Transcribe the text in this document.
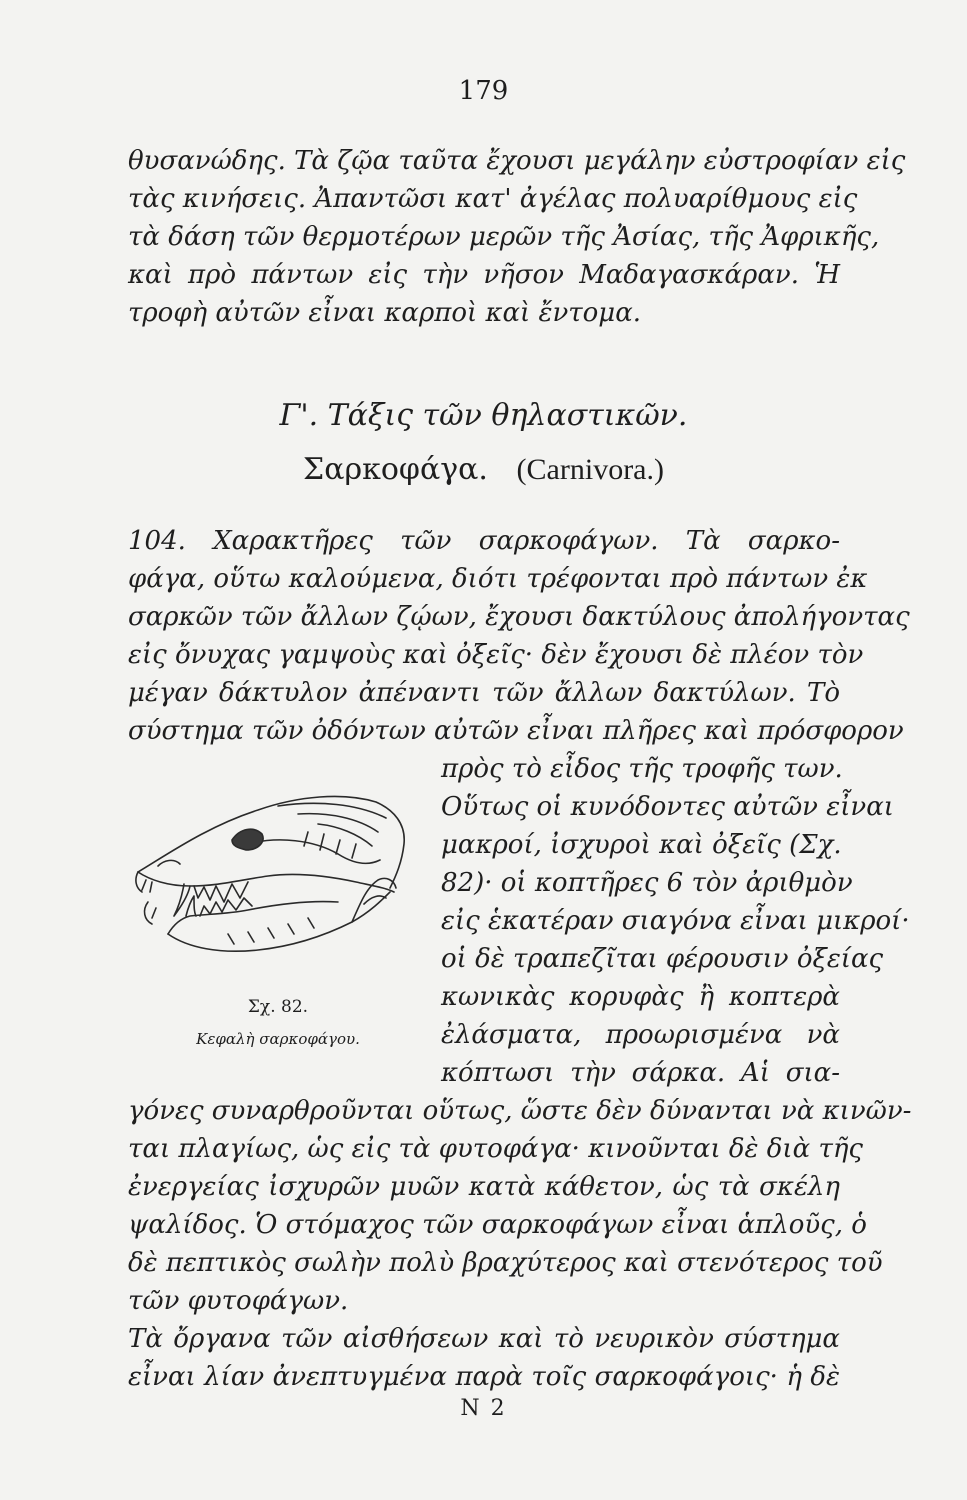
179
θυσανώδης. Τὰ ζῷα ταῦτα ἔχουσι μεγάλην εὐστροφίαν εἰς
τὰς κινήσεις. Ἀπαντῶσι κατ' ἀγέλας πολυαρίθμους εἰς
τὰ δάση τῶν θερμοτέρων μερῶν τῆς Ἀσίας, τῆς Ἀφρικῆς,
καὶ πρὸ πάντων εἰς τὴν νῆσον Μαδαγασκάραν. Ἡ
τροφὴ αὐτῶν εἶναι καρποὶ καὶ ἔντομα.
Γ'. Τάξις τῶν θηλαστικῶν.
Σαρκοφάγα. (Carnivora.)
104. Χαρακτῆρες τῶν σαρκοφάγων. Τὰ σαρκο-
φάγα, οὕτω καλούμενα, διότι τρέφονται πρὸ πάντων ἐκ
σαρκῶν τῶν ἄλλων ζῴων, ἔχουσι δακτύλους ἀπολήγοντας
εἰς ὄνυχας γαμψοὺς καὶ ὀξεῖς· δὲν ἔχουσι δὲ πλέον τὸν
μέγαν δάκτυλον ἀπέναντι τῶν ἄλλων δακτύλων. Τὸ
σύστημα τῶν ὀδόντων αὐτῶν εἶναι πλῆρες καὶ πρόσφορον
πρὸς τὸ εἶδος τῆς τροφῆς των.
Οὕτως οἱ κυνόδοντες αὐτῶν εἶναι
μακροί, ἰσχυροὶ καὶ ὀξεῖς (Σχ.
82)· οἱ κοπτῆρες 6 τὸν ἀριθμὸν
εἰς ἑκατέραν σιαγόνα εἶναι μικροί·
οἱ δὲ τραπεζῖται φέρουσιν ὀξείας
κωνικὰς κορυφὰς ἢ κοπτερὰ
ἐλάσματα, προωρισμένα νὰ
κόπτωσι τὴν σάρκα. Αἱ σια-
Σχ. 82.
Κεφαλὴ σαρκοφάγου.
γόνες συναρθροῦνται οὕτως, ὥστε δὲν δύνανται νὰ κινῶν-
ται πλαγίως, ὡς εἰς τὰ φυτοφάγα· κινοῦνται δὲ διὰ τῆς
ἐνεργείας ἰσχυρῶν μυῶν κατὰ κάθετον, ὡς τὰ σκέλη
ψαλίδος. Ὁ στόμαχος τῶν σαρκοφάγων εἶναι ἁπλοῦς, ὁ
δὲ πεπτικὸς σωλὴν πολὺ βραχύτερος καὶ στενότερος τοῦ
τῶν φυτοφάγων.
Τὰ ὄργανα τῶν αἰσθήσεων καὶ τὸ νευρικὸν σύστημα
εἶναι λίαν ἀνεπτυγμένα παρὰ τοῖς σαρκοφάγοις· ἡ δὲ
Ν 2
